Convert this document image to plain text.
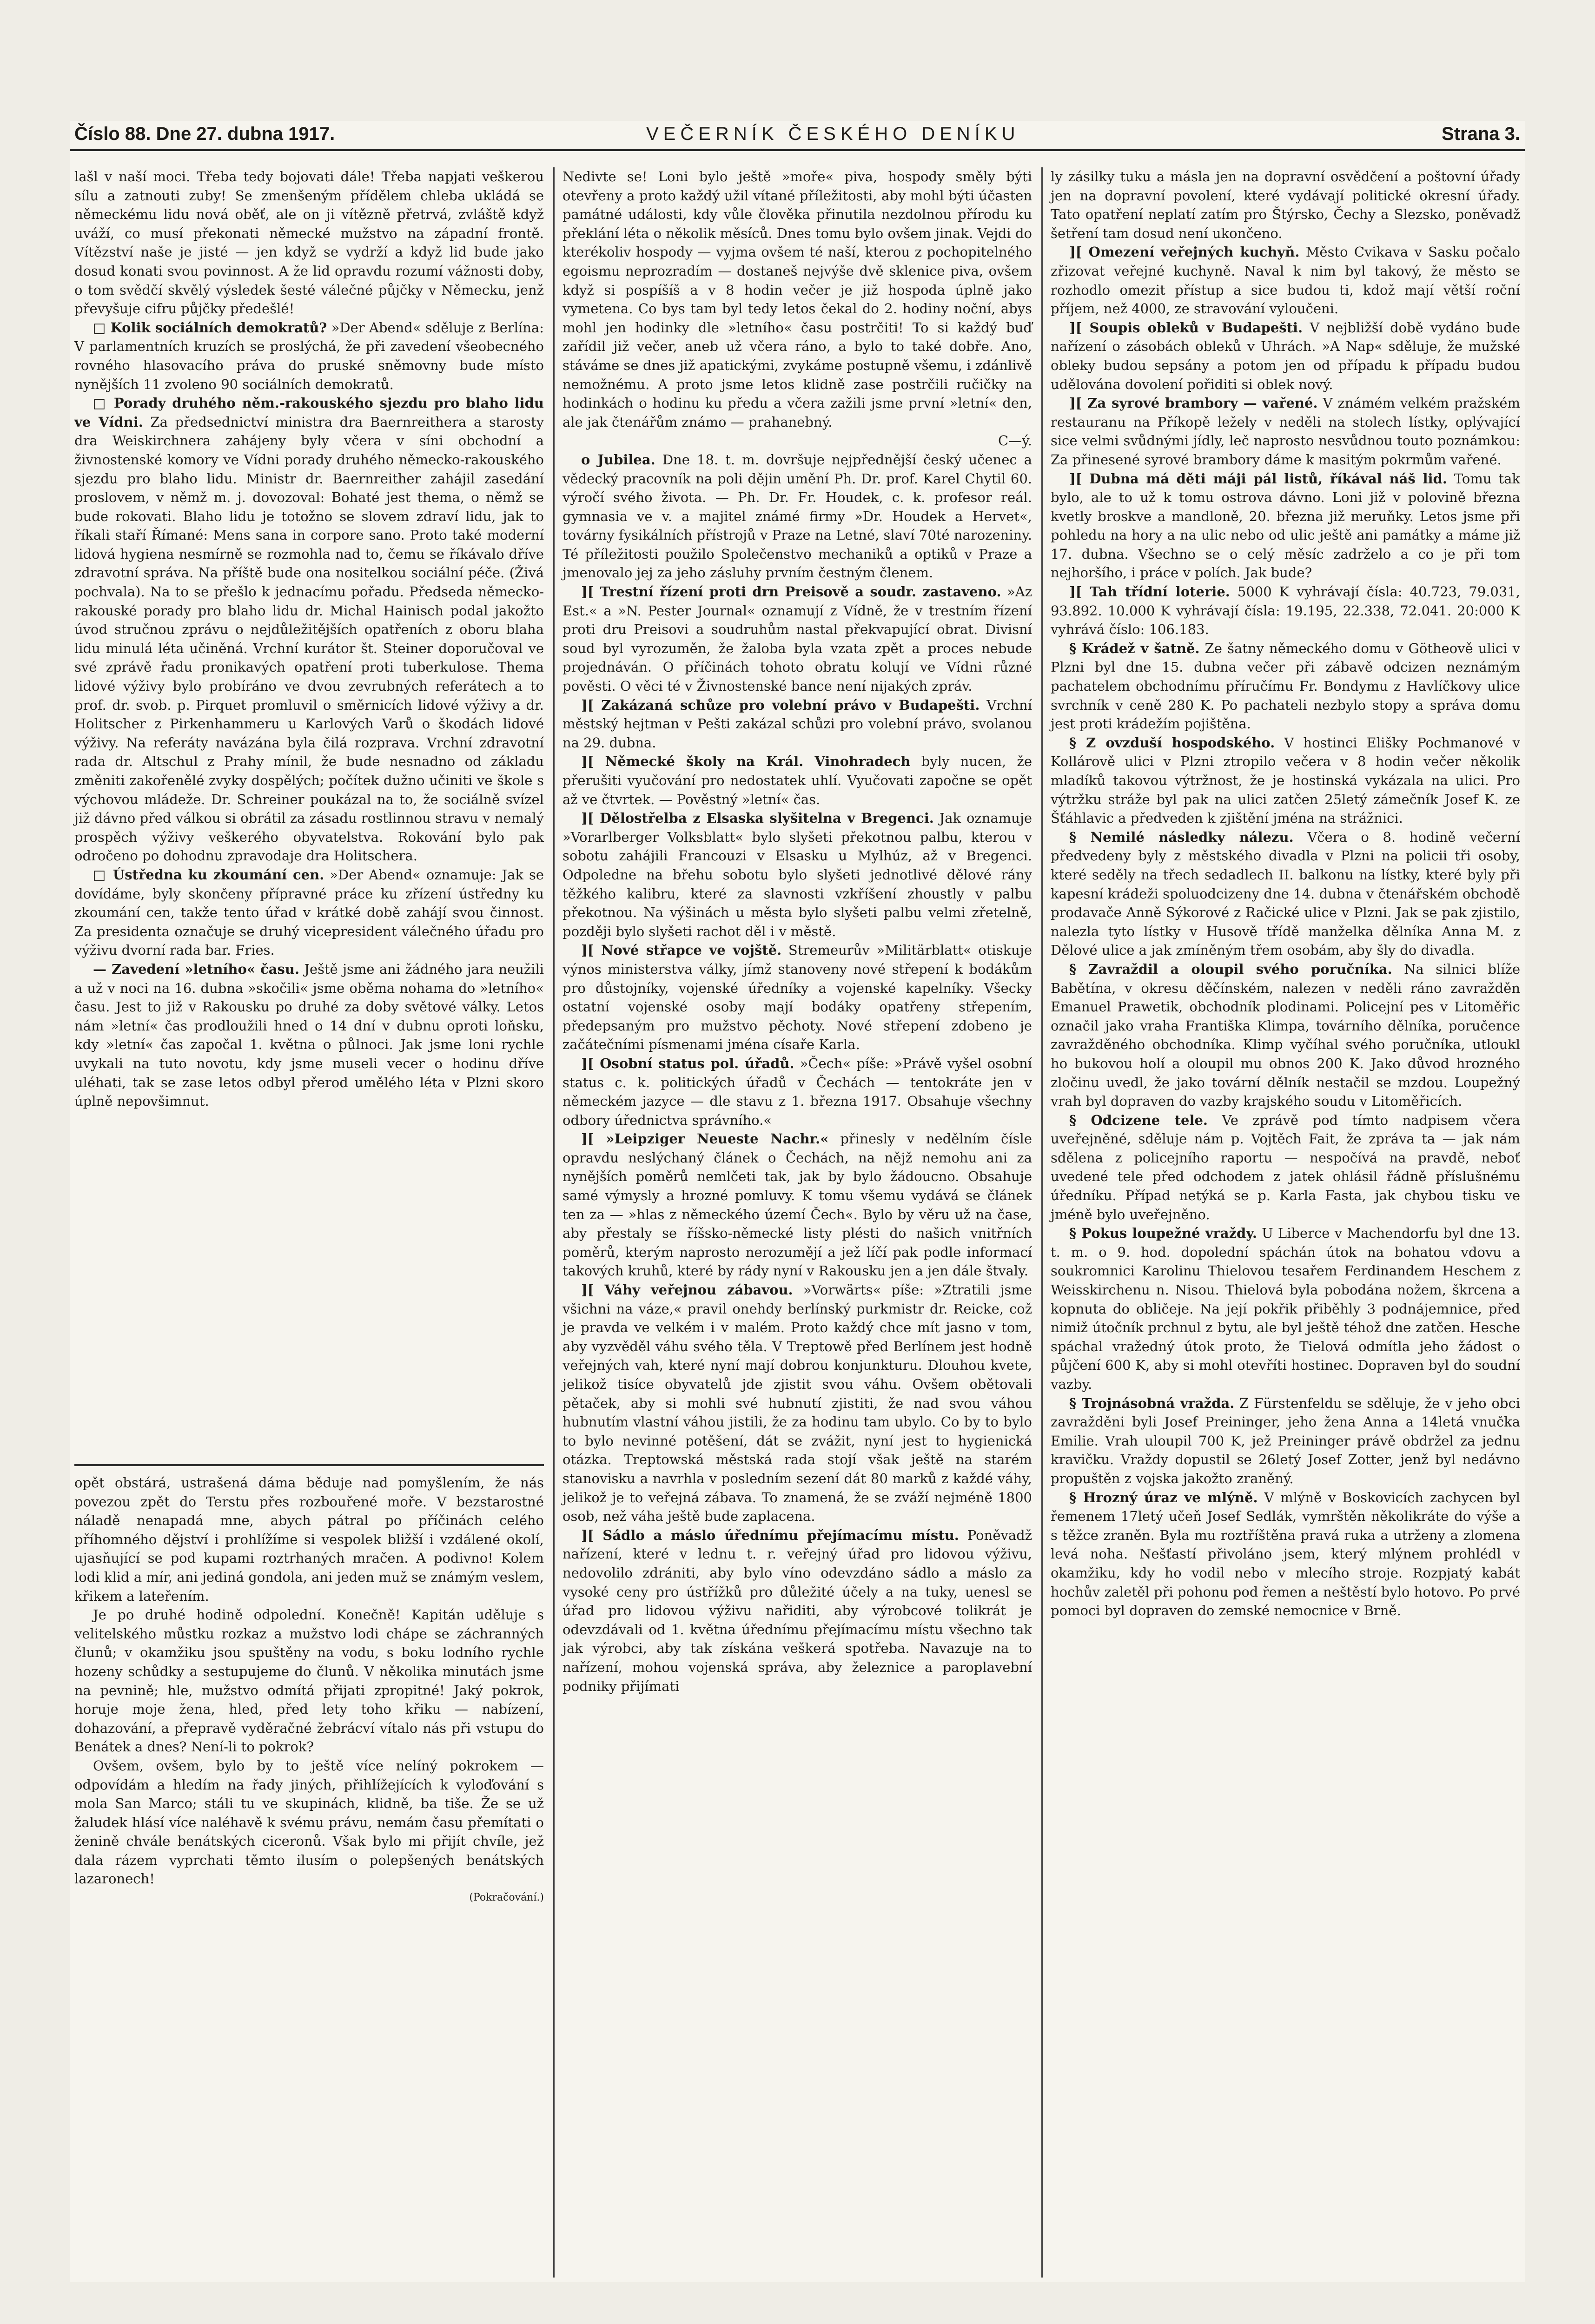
Číslo 88. Dne 27. dubna 1917.	VEČERNÍK ČESKÉHO DENÍKU	Strana 3.

lašl v naší moci. Třeba tedy bojovati dále! Třeba napjati veškerou sílu a zatnouti zuby! Se zmenšeným přídělem chleba ukládá se německému lidu nová oběť, ale on ji vítězně přetrvá, zvláště když uváží, co musí překonati německé mužstvo na západní frontě. Vítězství naše je jisté — jen když se vydrží a když lid bude jako dosud konati svou povinnost. A že lid opravdu rozumí vážnosti doby, o tom svědčí skvělý výsledek šesté válečné půjčky v Německu, jenž převyšuje cifru půjčky předešlé!

□ Kolik sociálních demokratů? »Der Abend« sděluje z Berlína: V parlamentních kruzích se proslýchá, že při zavedení všeobecného rovného hlasovacího práva do pruské sněmovny bude místo nynějších 11 zvoleno 90 sociálních demokratů.

□ Porady druhého něm.-rakouského sjezdu pro blaho lidu ve Vídni. Za předsednictví ministra dra Baernreithera a starosty dra Weiskirchnera zahájeny byly včera v síni obchodní a živnostenské komory ve Vídni porady druhého německo-rakouského sjezdu pro blaho lidu. Ministr dr. Baernreither zahájil zasedání proslovem, v němž m. j. dovozoval: Bohaté jest thema, o němž se bude rokovati. Blaho lidu je totožno se slovem zdraví lidu, jak to říkali staří Římané: Mens sana in corpore sano. Proto také moderní lidová hygiena nesmírně se rozmohla nad to, čemu se říkávalo dříve zdravotní správa. Na příště bude ona nositelkou sociální péče. (Živá pochvala). Na to se přešlo k jednacímu pořadu. Předseda německo-rakouské porady pro blaho lidu dr. Michal Hainisch podal jakožto úvod stručnou zprávu o nejdůležitějších opatřeních z oboru blaha lidu minulá léta učiněná. Vrchní kurátor št. Steiner doporučoval ve své zprávě řadu pronikavých opatření proti tuberkulose. Thema lidové výživy bylo probíráno ve dvou zevrubných referátech a to prof. dr. svob. p. Pirquet promluvil o směrnicích lidové výživy a dr. Holitscher z Pirkenhammeru u Karlových Varů o škodách lidové výživy. Na referáty navázána byla čilá rozprava. Vrchní zdravotní rada dr. Altschul z Prahy mínil, že bude nesnadno od základu změniti zakořenělé zvyky dospělých; počítek dužno učiniti ve škole s výchovou mládeže. Dr. Schreiner poukázal na to, že sociálně svízel již dávno před válkou si obrátil za zásadu rostlinnou stravu v nemalý prospěch výživy veškerého obyvatelstva. Rokování bylo pak odročeno po dohodnu zpravodaje dra Holitschera.

□ Ústředna ku zkoumání cen. »Der Abend« oznamuje: Jak se dovídáme, byly skončeny přípravné práce ku zřízení ústředny ku zkoumání cen, takže tento úřad v krátké době zahájí svou činnost. Za presidenta označuje se druhý vicepresident válečného úřadu pro výživu dvorní rada bar. Fries.

— Zavedení »letního« času. Ještě jsme ani žádného jara neužili a už v noci na 16. dubna »skočili« jsme oběma nohama do »letního« času. Jest to již v Rakousku po druhé za doby světové války. Letos nám »letní« čas prodloužili hned o 14 dní v dubnu oproti loňsku, kdy »letní« čas započal 1. května o půlnoci. Jak jsme loni rychle uvykali na tuto novotu, kdy jsme museli vecer o hodinu dříve uléhati, tak se zase letos odbyl přerod umělého léta v Plzni skoro úplně nepovšimnut.

opět obstárá, ustrašená dáma běduje nad pomyšlením, že nás povezou zpět do Terstu přes rozbouřené moře. V bezstarostné náladě nenapadá mne, abych pátral po příčinách celého příhomného dějství i prohlížíme si vespolek bližší i vzdálené okolí, ujasňující se pod kupami roztrhaných mračen. A podivno! Kolem lodi klid a mír, ani jediná gondola, ani jeden muž se známým veslem, křikem a lateřením.

Je po druhé hodině odpolední. Konečně! Kapitán uděluje s velitelského můstku rozkaz a mužstvo lodi chápe se záchranných člunů; v okamžiku jsou spuštěny na vodu, s boku lodního rychle hozeny schůdky a sestupujeme do člunů. V několika minutách jsme na pevnině; hle, mužstvo odmítá přijati zpropitné! Jaký pokrok, horuje moje žena, hled, před lety toho křiku — nabízení, dohazování, a přepravě vyděračné žebrácví vítalo nás při vstupu do Benátek a dnes? Není-li to pokrok?

Ovšem, ovšem, bylo by to ještě více nelíný pokrokem — odpovídám a hledím na řady jiných, přihlížejících k vyloďování s mola San Marco; stáli tu ve skupinách, klidně, ba tiše. Že se už žaludek hlásí více naléhavě k svému právu, nemám času přemítati o ženině chvále benátských ciceronů. Však bylo mi přijít chvíle, jež dala rázem vyprchati těmto ilusím o polepšených benátských lazaronech!

(Pokračování.)

Nedivte se! Loni bylo ještě »moře« piva, hospody směly býti otevřeny a proto každý užil vítané příležitosti, aby mohl býti účasten památné události, kdy vůle člověka přinutila nezdolnou přírodu ku překlání léta o několik měsíců. Dnes tomu bylo ovšem jinak. Vejdi do kterékoliv hospody — vyjma ovšem té naší, kterou z pochopitelného egoismu neprozradím — dostaneš nejvýše dvě sklenice piva, ovšem když si pospíšíš a v 8 hodin večer je již hospoda úplně jako vymetena. Co bys tam byl tedy letos čekal do 2. hodiny noční, abys mohl jen hodinky dle »letního« času postrčiti! To si každý buď zařídil již večer, aneb už včera ráno, a bylo to také dobře. Ano, stáváme se dnes již apatickými, zvykáme postupně všemu, i zdánlivě nemožnému. A proto jsme letos klidně zase postrčili ručičky na hodinkách o hodinu ku předu a včera zažili jsme první »letní« den, ale jak čtenářům známo — prahanebný.

C—ý.

o Jubilea. Dne 18. t. m. dovršuje nejpřednější český učenec a vědecký pracovník na poli dějin umění Ph. Dr. prof. Karel Chytil 60. výročí svého života. — Ph. Dr. Fr. Houdek, c. k. profesor reál. gymnasia ve v. a majitel známé firmy »Dr. Houdek a Hervet«, továrny fysikálních přístrojů v Praze na Letné, slaví 70té narozeniny. Té příležitosti použilo Společenstvo mechaniků a optiků v Praze a jmenovalo jej za jeho zásluhy prvním čestným členem.

][ Trestní řízení proti drn Preisově a soudr. zastaveno. »Az Est.« a »N. Pester Journal« oznamují z Vídně, že v trestním řízení proti dru Preisovi a soudruhům nastal překvapující obrat. Divisní soud byl vyrozuměn, že žaloba byla vzata zpět a proces nebude projednáván. O příčinách tohoto obratu kolují ve Vídni různé pověsti. O věci té v Živnostenské bance není nijakých zpráv.

][ Zakázaná schůze pro volební právo v Budapešti. Vrchní městský hejtman v Pešti zakázal schůzi pro volební právo, svolanou na 29. dubna.

][ Německé školy na Král. Vinohradech byly nucen, že přerušiti vyučování pro nedostatek uhlí. Vyučovati započne se opět až ve čtvrtek. — Pověstný »letní« čas.

][ Dělostřelba z Elsaska slyšitelna v Bregenci. Jak oznamuje »Vorarlberger Volksblatt« bylo slyšeti překotnou palbu, kterou v sobotu zahájili Francouzi v Elsasku u Mylhúz, až v Bregenci. Odpoledne na břehu sobotu bylo slyšeti jednotlivé dělové rány těžkého kalibru, které za slavnosti vzkříšení zhoustly v palbu překotnou. Na výšinách u města bylo slyšeti palbu velmi zřetelně, později bylo slyšeti rachot děl i v městě.

][ Nové střapce ve vojště. Stremeurův »Militärblatt« otiskuje výnos ministerstva války, jímž stanoveny nové střepení k bodákům pro důstojníky, vojenské úředníky a vojenské kapelníky. Všecky ostatní vojenské osoby mají bodáky opatřeny střepením, předepsaným pro mužstvo pěchoty. Nové střepení zdobeno je začátečními písmenami jména císaře Karla.

][ Osobní status pol. úřadů. »Čech« píše: »Právě vyšel osobní status c. k. politických úřadů v Čechách — tentokráte jen v německém jazyce — dle stavu z 1. března 1917. Obsahuje všechny odbory úřednictva správního.«

][ »Leipziger Neueste Nachr.« přinesly v nedělním čísle opravdu neslýchaný článek o Čechách, na nějž nemohu ani za nynějších poměrů nemlčeti tak, jak by bylo žádoucno. Obsahuje samé výmysly a hrozné pomluvy. K tomu všemu vydává se článek ten za — »hlas z německého území Čech«. Bylo by věru už na čase, aby přestaly se říšsko-německé listy plésti do našich vnitřních poměrů, kterým naprosto nerozumějí a jež líčí pak podle informací takových kruhů, které by rády nyní v Rakousku jen a jen dále štvaly.

][ Váhy veřejnou zábavou. »Vorwärts« píše: »Ztratili jsme všichni na váze,« pravil onehdy berlínský purkmistr dr. Reicke, což je pravda ve velkém i v malém. Proto každý chce mít jasno v tom, aby vyzvěděl váhu svého těla. V Treptowě před Berlínem jest hodně veřejných vah, které nyní mají dobrou konjunkturu. Dlouhou kvete, jelikož tisíce obyvatelů jde zjistit svou váhu. Ovšem obětovali pětaček, aby si mohli své hubnutí zjistiti, že nad svou váhou hubnutím vlastní váhou jistili, že za hodinu tam ubylo. Co by to bylo to bylo nevinné potěšení, dát se zvážit, nyní jest to hygienická otázka. Treptowská městská rada stojí však ještě na starém stanovisku a navrhla v posledním sezení dát 80 marků z každé váhy, jelikož je to veřejná zábava. To znamená, že se zváží nejméně 1800 osob, než váha ještě bude zaplacena.

][ Sádlo a máslo úřednímu přejímacímu místu. Poněvadž nařízení, které v lednu t. r. veřejný úřad pro lidovou výživu, nedovolilo zdrániti, aby bylo víno odevzdáno sádlo a máslo za vysoké ceny pro ústřížků pro důležité účely a na tuky, uenesl se úřad pro lidovou výživu nařiditi, aby výrobcové tolikrát je odevzdávali od 1. května úřednímu přejímacímu místu všechno tak jak výrobci, aby tak získána veškerá spotřeba. Navazuje na to nařízení, mohou vojenská správa, aby železnice a paroplavební podniky přijímati

ly zásilky tuku a másla jen na dopravní osvědčení a poštovní úřady jen na dopravní povolení, které vydávají politické okresní úřady. Tato opatření neplatí zatím pro Štýrsko, Čechy a Slezsko, poněvadž šetření tam dosud není ukončeno.

][ Omezení veřejných kuchyň. Město Cvikava v Sasku počalo zřizovat veřejné kuchyně. Naval k nim byl takový, že město se rozhodlo omezit přístup a sice budou ti, kdož mají větší roční příjem, než 4000, ze stravování vyloučeni.

][ Soupis obleků v Budapešti. V nejbližší době vydáno bude nařízení o zásobách obleků v Uhrách. »A Nap« sděluje, že mužské obleky budou sepsány a potom jen od případu k případu budou udělována dovolení pořiditi si oblek nový.

][ Za syrové brambory — vařené. V známém velkém pražském restauranu na Příkopě ležely v neděli na stolech lístky, oplývající sice velmi svůdnými jídly, leč naprosto nesvůdnou touto poznámkou: Za přinesené syrové brambory dáme k masitým pokrmům vařené.

][ Dubna má děti máji pál listů, říkával náš lid. Tomu tak bylo, ale to už k tomu ostrova dávno. Loni již v polovině března kvetly broskve a mandloně, 20. března již meruňky. Letos jsme při pohledu na hory a na ulic nebo od ulic ještě ani památky a máme již 17. dubna. Všechno se o celý měsíc zadrželo a co je při tom nejhoršího, i práce v polích. Jak bude?

][ Tah třídní loterie. 5000 K vyhrávají čísla: 40.723, 79.031, 93.892. 10.000 K vyhrávají čísla: 19.195, 22.338, 72.041. 20:000 K vyhrává číslo: 106.183.

§ Krádež v šatně. Ze šatny německého domu v Götheově ulici v Plzni byl dne 15. dubna večer při zábavě odcizen neznámým pachatelem obchodnímu příručímu Fr. Bondymu z Havlíčkovy ulice svrchník v ceně 280 K. Po pachateli nezbylo stopy a správa domu jest proti krádežím pojištěna.

§ Z ovzduší hospodského. V hostinci Elišky Pochmanové v Kollárově ulici v Plzni ztropilo večera v 8 hodin večer několik mladíků takovou výtržnost, že je hostinská vykázala na ulici. Pro výtržku stráže byl pak na ulici zatčen 25letý zámečník Josef K. ze Šťáhlavic a předveden k zjištění jména na strážnici.

§ Nemilé následky nálezu. Včera o 8. hodině večerní předvedeny byly z městského divadla v Plzni na policii tři osoby, které seděly na třech sedadlech II. balkonu na lístky, které byly při kapesní krádeži spoluodcizeny dne 14. dubna v čtenářském obchodě prodavače Anně Sýkorové z Račické ulice v Plzni. Jak se pak zjistilo, nalezla tyto lístky v Husově třídě manželka dělníka Anna M. z Dělové ulice a jak zmíněným třem osobám, aby šly do divadla.

§ Zavraždil a oloupil svého poručníka. Na silnici blíže Babětína, v okresu děčínském, nalezen v neděli ráno zavražděn Emanuel Prawetik, obchodník plodinami. Policejní pes v Litoměřic označil jako vraha Františka Klimpa, továrního dělníka, poručence zavražděného obchodníka. Klimp vyčíhal svého poručníka, utloukl ho bukovou holí a oloupil mu obnos 200 K. Jako důvod hrozného zločinu uvedl, že jako tovární dělník nestačil se mzdou. Loupežný vrah byl dopraven do vazby krajského soudu v Litoměřicích.

§ Odcizene tele. Ve zprávě pod tímto nadpisem včera uveřejněné, sděluje nám p. Vojtěch Fait, že zpráva ta — jak nám sdělena z policejního raportu — nespočívá na pravdě, neboť uvedené tele před odchodem z jatek ohlásil řádně příslušnému úředníku. Případ netýká se p. Karla Fasta, jak chybou tisku ve jméně bylo uveřejněno.

§ Pokus loupežné vraždy. U Liberce v Machendorfu byl dne 13. t. m. o 9. hod. dopolední spáchán útok na bohatou vdovu a soukromnici Karolinu Thielovou tesařem Ferdinandem Heschem z Weisskirchenu n. Nisou. Thielová byla pobodána nožem, škrcena a kopnuta do obličeje. Na její pokřik přiběhly 3 podnájemnice, před nimiž útočník prchnul z bytu, ale byl ještě téhož dne zatčen. Hesche spáchal vražedný útok proto, že Tielová odmítla jeho žádost o půjčení 600 K, aby si mohl otevříti hostinec. Dopraven byl do soudní vazby.

§ Trojnásobná vražda. Z Fürstenfeldu se sděluje, že v jeho obci zavražděni byli Josef Preininger, jeho žena Anna a 14letá vnučka Emilie. Vrah uloupil 700 K, jež Preininger právě obdržel za jednu kravičku. Vraždy dopustil se 26letý Josef Zotter, jenž byl nedávno propuštěn z vojska jakožto zraněný.

§ Hrozný úraz ve mlýně. V mlýně v Boskovicích zachycen byl řemenem 17letý učeň Josef Sedlák, vymrštěn několikráte do výše a s těžce zraněn. Byla mu roztříštěna pravá ruka a utrženy a zlomena levá noha. Nešťastí přivoláno jsem, který mlýnem prohlédl v okamžiku, kdy ho vodil nebo v mlecího stroje. Rozpjatý kabát hochův zaletěl při pohonu pod řemen a neštěstí bylo hotovo. Po prvé pomoci byl dopraven do zemské nemocnice v Brně.
